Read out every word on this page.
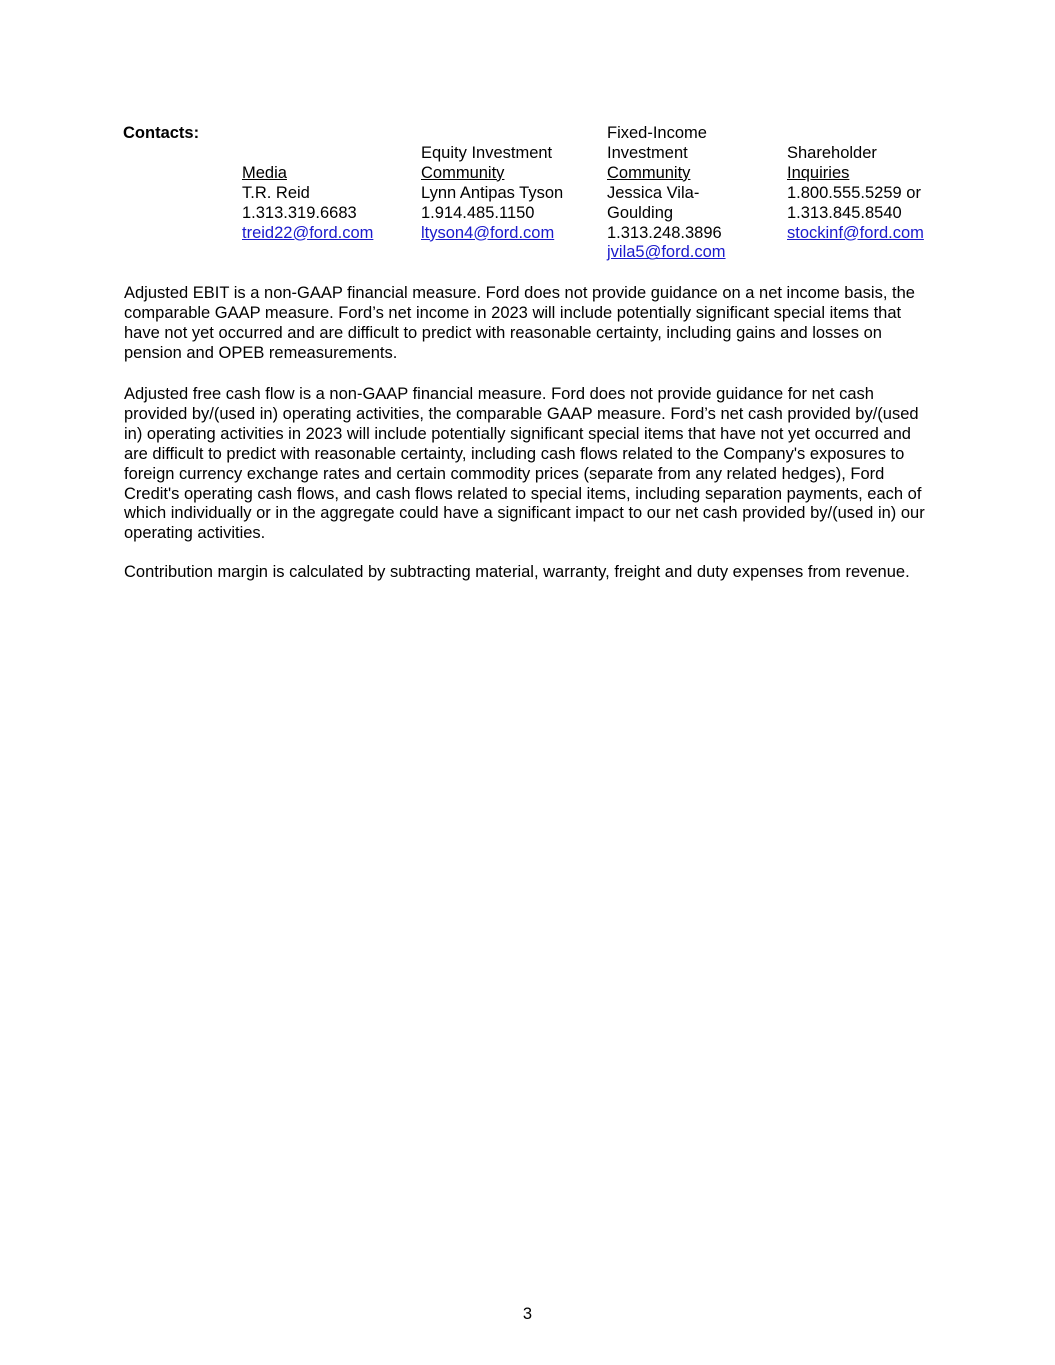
Contacts:

Media
T.R. Reid
1.313.319.6683
treid22@ford.com

Equity Investment
Community
Lynn Antipas Tyson
1.914.485.1150
ltyson4@ford.com
Fixed-Income
Investment
Community
Jessica Vila-
Goulding
1.313.248.3896
jvila5@ford.com

Shareholder
Inquiries
1.800.555.5259 or
1.313.845.8540
stockinf@ford.com

Adjusted EBIT is a non-GAAP financial measure. Ford does not provide guidance on a net income basis, the comparable GAAP measure. Ford’s net income in 2023 will include potentially significant special items that have not yet occurred and are difficult to predict with reasonable certainty, including gains and losses on pension and OPEB remeasurements.

Adjusted free cash flow is a non-GAAP financial measure. Ford does not provide guidance for net cash provided by/(used in) operating activities, the comparable GAAP measure. Ford’s net cash provided by/(used in) operating activities in 2023 will include potentially significant special items that have not yet occurred and are difficult to predict with reasonable certainty, including cash flows related to the Company's exposures to foreign currency exchange rates and certain commodity prices (separate from any related hedges), Ford Credit's operating cash flows, and cash flows related to special items, including separation payments, each of which individually or in the aggregate could have a significant impact to our net cash provided by/(used in) our operating activities.

Contribution margin is calculated by subtracting material, warranty, freight and duty expenses from revenue.

3
